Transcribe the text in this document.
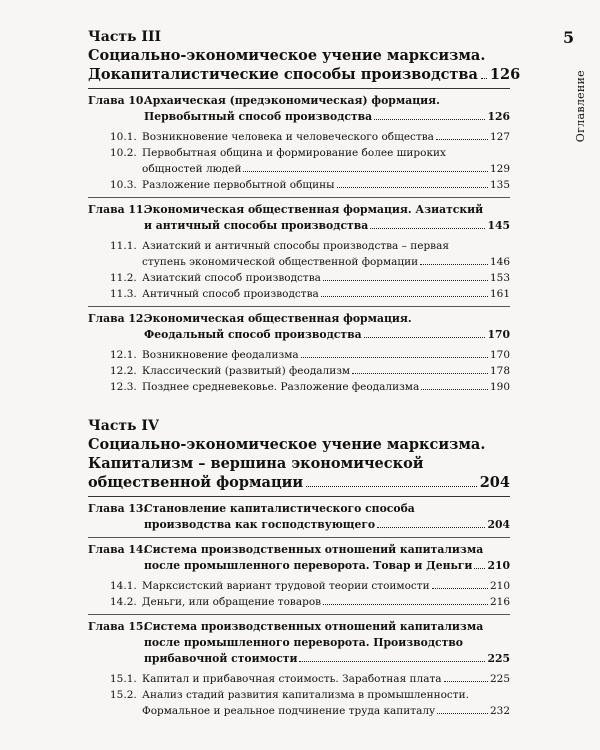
5
Оглавление
Часть III
Социально-экономическое учение марксизма.
Докапиталистические способы производства 126
Глава 10.
Архаическая (предэкономическая) формация.
Первобытный способ производства	126
10.1. Возникновение человека и человеческого общества	127
10.2. Первобытная община и формирование более широких
общностей людей	129
10.3. Разложение первобытной общины	135
Глава 11.
Экономическая общественная формация. Азиатский
и античный способы производства	145
11.1. Азиатский и античный способы производства – первая
ступень экономической общественной формации	146
11.2. Азиатский способ производства	153
11.3. Античный способ производства	161
Глава 12.
Экономическая общественная формация.
Феодальный способ производства	170
12.1. Возникновение феодализма	170
12.2. Классический (развитый) феодализм	178
12.3. Позднее средневековье. Разложение феодализма	190
Часть IV
Социально-экономическое учение марксизма.
Капитализм – вершина экономической
общественной формации	204
Глава 13.
Становление капиталистического способа
производства как господствующего	204
Глава 14.
Система производственных отношений капитализма
после промышленного переворота. Товар и Деньги 210
14.1. Марксистский вариант трудовой теории стоимости	210
14.2. Деньги, или обращение товаров	216
Глава 15.
Система производственных отношений капитализма
после промышленного переворота. Производство
прибавочной стоимости	225
15.1. Капитал и прибавочная стоимость. Заработная плата	225
15.2. Анализ стадий развития капитализма в промышленности.
Формальное и реальное подчинение труда капиталу	232
